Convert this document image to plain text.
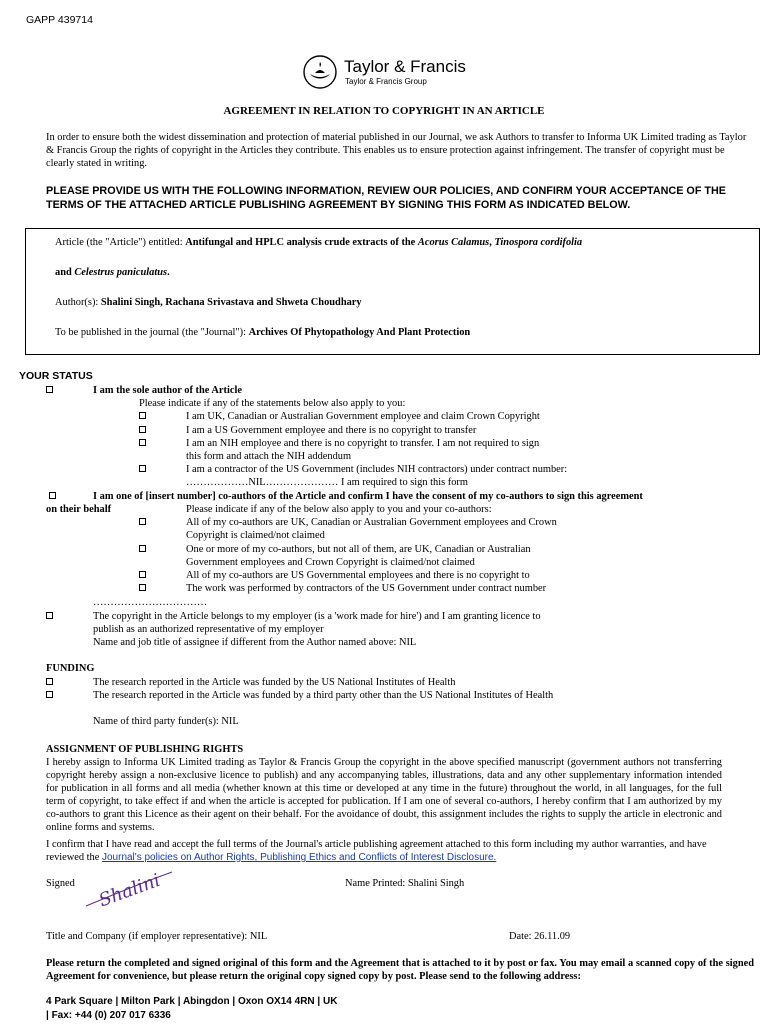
GAPP 439714
Taylor & Francis
Taylor & Francis Group
AGREEMENT IN RELATION TO COPYRIGHT IN AN ARTICLE
In order to ensure both the widest dissemination and protection of material published in our Journal, we ask Authors to transfer to Informa UK Limited trading as Taylor & Francis Group the rights of copyright in the Articles they contribute. This enables us to ensure protection against infringement. The transfer of copyright must be clearly stated in writing.
PLEASE PROVIDE US WITH THE FOLLOWING INFORMATION, REVIEW OUR POLICIES, AND CONFIRM YOUR ACCEPTANCE OF THE TERMS OF THE ATTACHED ARTICLE PUBLISHING AGREEMENT BY SIGNING THIS FORM AS INDICATED BELOW.
Article (the "Article") entitled: Antifungal and HPLC analysis crude extracts of the Acorus Calamus, Tinospora cordifolia
and Celestrus paniculatus.
Author(s): Shalini Singh, Rachana Srivastava and Shweta Choudhary
To be published in the journal (the "Journal"): Archives Of Phytopathology And Plant Protection
YOUR STATUS
I am the sole author of the Article
Please indicate if any of the statements below also apply to you:
I am UK, Canadian or Australian Government employee and claim Crown Copyright
I am a US Government employee and there is no copyright to transfer
I am an NIH employee and there is no copyright to transfer. I am not required to sign
this form and attach the NIH addendum
I am a contractor of the US Government (includes NIH contractors) under contract number:
………………NIL………………… I am required to sign this form
I am one of [insert number] co-authors of the Article and confirm I have the consent of my co-authors to sign this agreement
on their behalf	Please indicate if any of the below also apply to you and your co-authors:
All of my co-authors are UK, Canadian or Australian Government employees and Crown
Copyright is claimed/not claimed
One or more of my co-authors, but not all of them, are UK, Canadian or Australian
Government employees and Crown Copyright is claimed/not claimed
All of my co-authors are US Governmental employees and there is no copyright to
The work was performed by contractors of the US Government under contract number
……………………………
The copyright in the Article belongs to my employer (is a 'work made for hire') and I am granting licence to
publish as an authorized representative of my employer
Name and job title of assignee if different from the Author named above: NIL
FUNDING
The research reported in the Article was funded by the US National Institutes of Health
The research reported in the Article was funded by a third party other than the US National Institutes of Health
Name of third party funder(s): NIL
ASSIGNMENT OF PUBLISHING RIGHTS
I hereby assign to Informa UK Limited trading as Taylor & Francis Group the copyright in the above specified manuscript (government authors not transferring copyright hereby assign a non-exclusive licence to publish) and any accompanying tables, illustrations, data and any other supplementary information intended for publication in all forms and all media (whether known at this time or developed at any time in the future) throughout the world, in all languages, for the full term of copyright, to take effect if and when the article is accepted for publication. If I am one of several co-authors, I hereby confirm that I am authorized by my co-authors to grant this Licence as their agent on their behalf. For the avoidance of doubt, this assignment includes the rights to supply the article in electronic and online forms and systems.
I confirm that I have read and accept the full terms of the Journal's article publishing agreement attached to this form including my author warranties, and have reviewed the Journal's policies on Author Rights, Publishing Ethics and Conflicts of Interest Disclosure.
Signed Shalini	Name Printed: Shalini Singh
Title and Company (if employer representative): NIL	Date: 26.11.09
Please return the completed and signed original of this form and the Agreement that is attached to it by post or fax. You may email a scanned copy of the signed Agreement for convenience, but please return the original copy signed copy by post. Please send to the following address:
4 Park Square | Milton Park | Abingdon | Oxon OX14 4RN | UK
| Fax: +44 (0) 207 017 6336
